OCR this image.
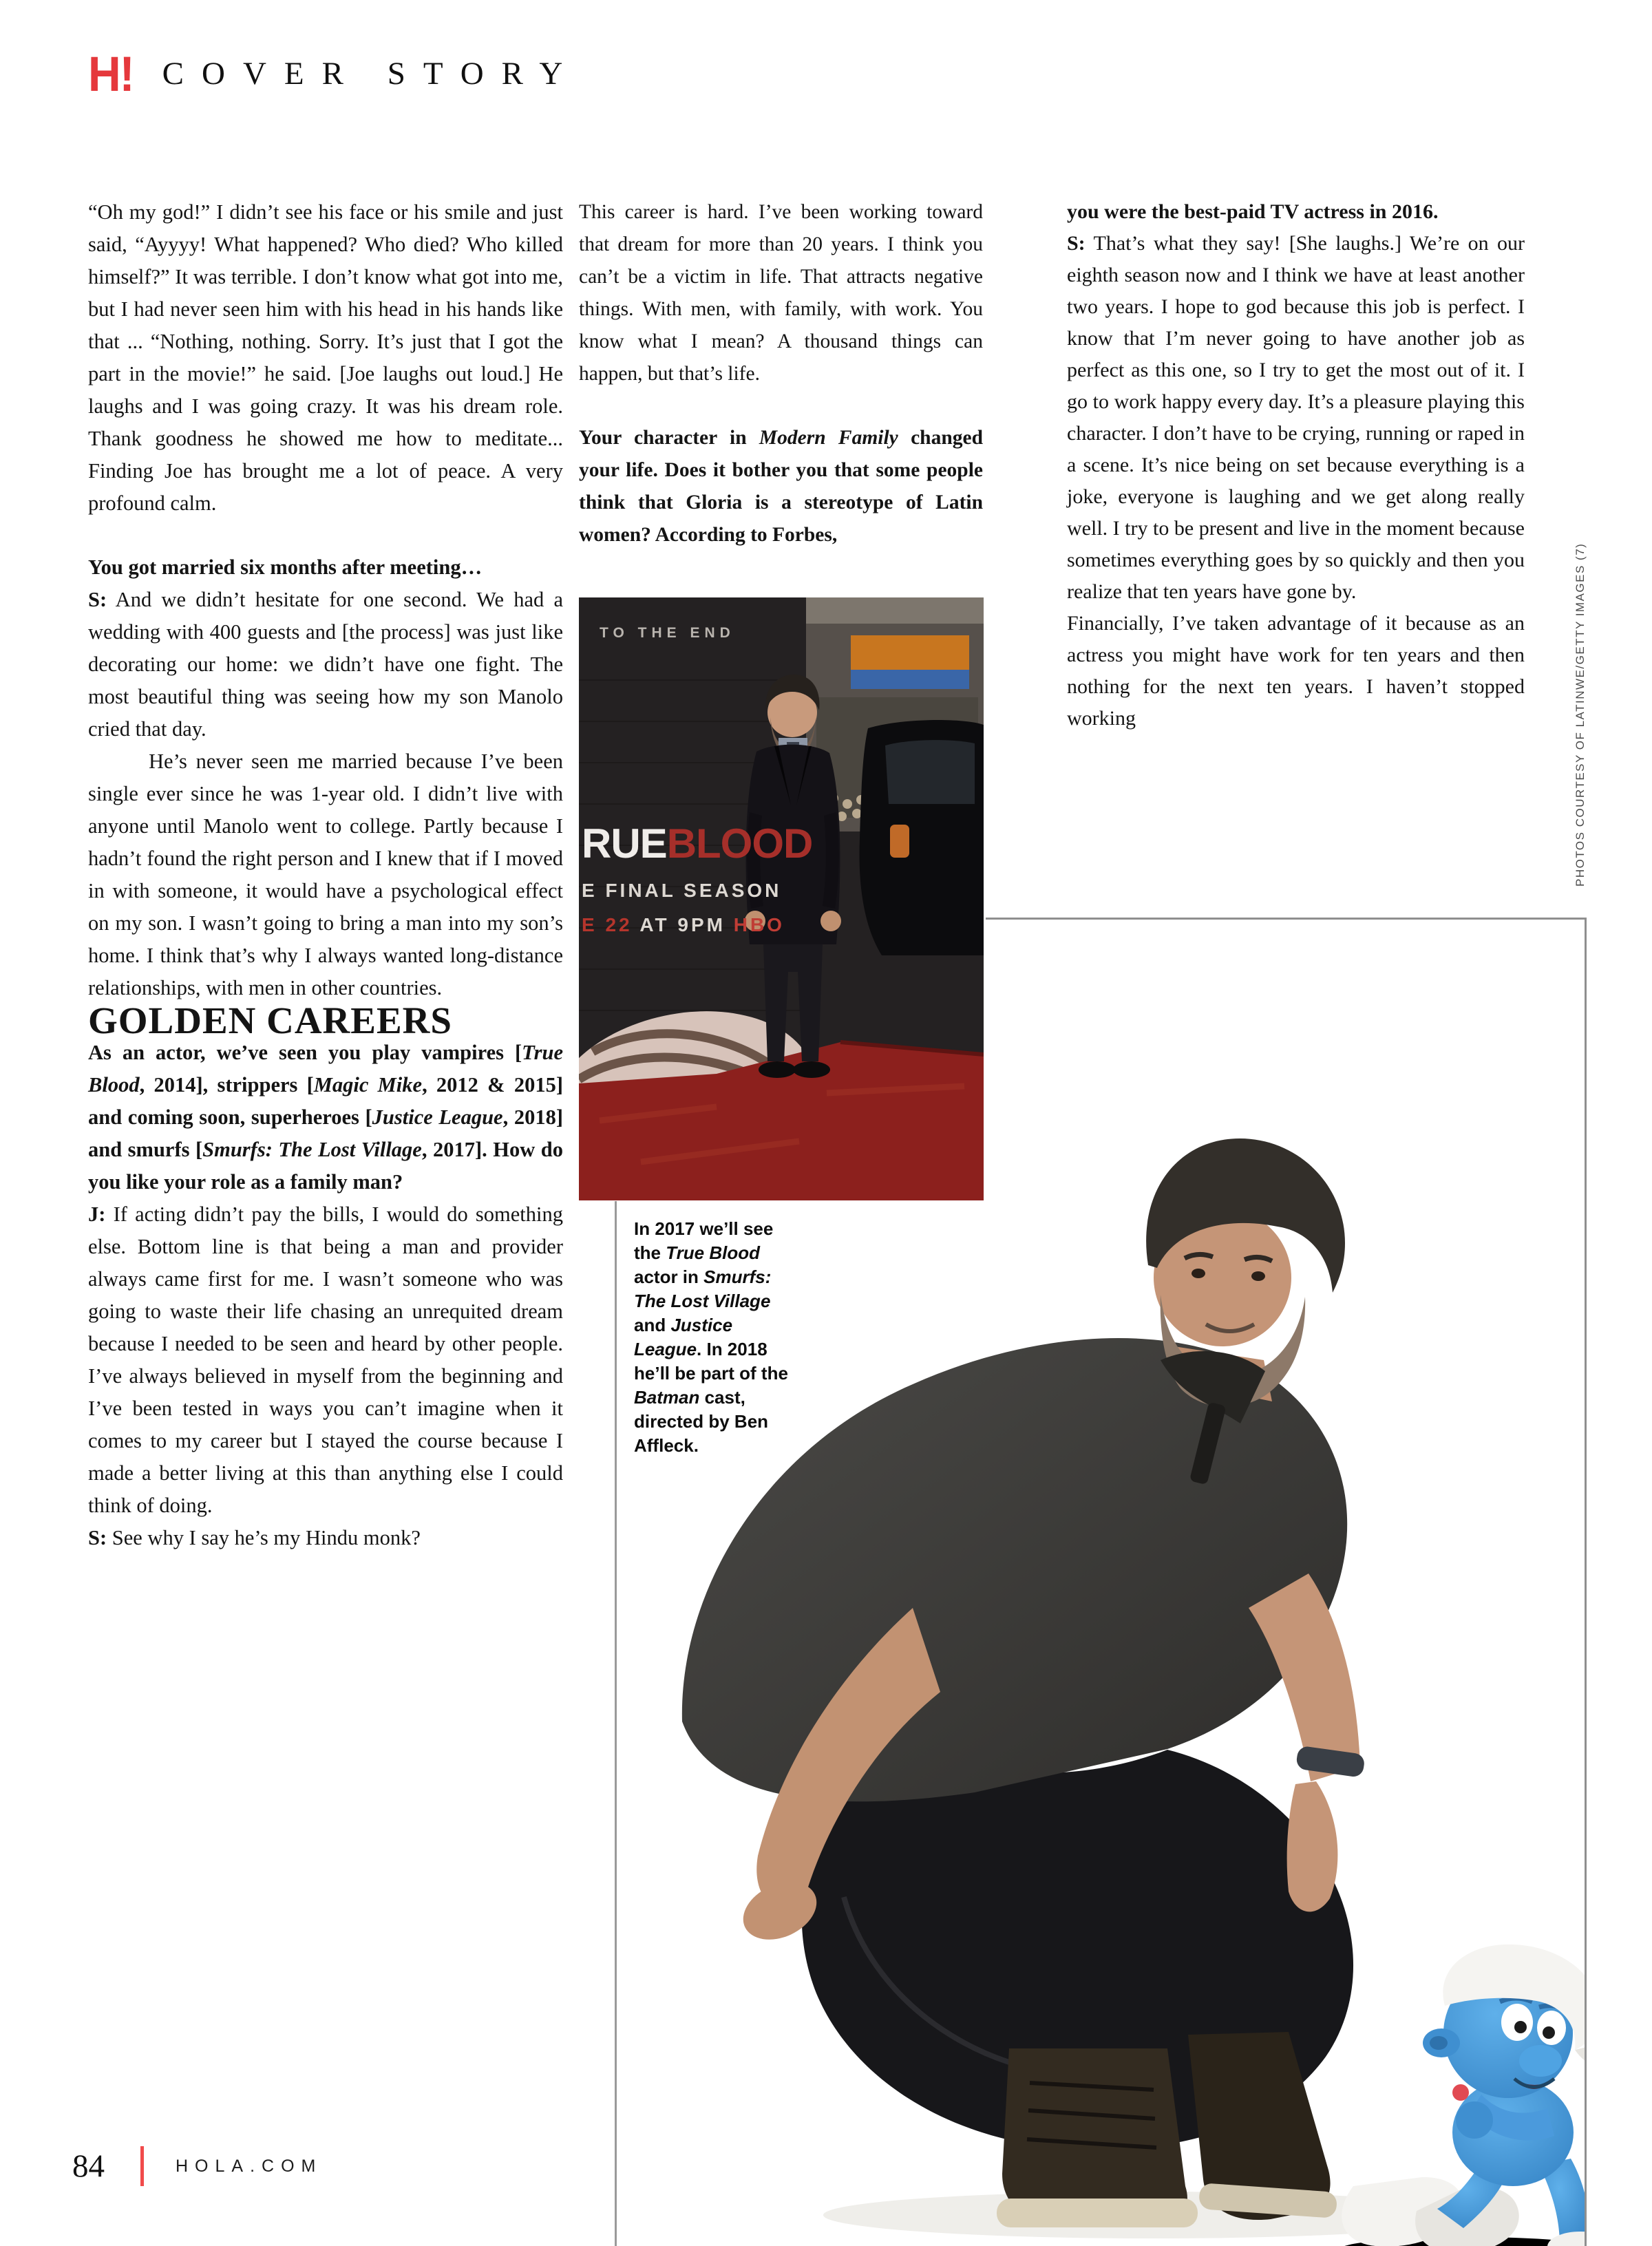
H! COVER STORY

“Oh my god!” I didn’t see his face or his smile and just said, “Ayyyy! What happened? Who died? Who killed himself?” It was terrible. I don’t know what got into me, but I had never seen him with his head in his hands like that ... “Nothing, nothing. Sorry. It’s just that I got the part in the movie!” he said. [Joe laughs out loud.] He laughs and I was going crazy. It was his dream role. Thank goodness he showed me how to meditate... Finding Joe has brought me a lot of peace. A very profound calm.

You got married six months after meeting…

S: And we didn’t hesitate for one second. We had a wedding with 400 guests and [the process] was just like decorating our home: we didn’t have one fight. The most beautiful thing was seeing how my son Manolo cried that day.

He’s never seen me married because I’ve been single ever since he was 1-year old. I didn’t live with anyone until Manolo went to college. Partly because I hadn’t found the right person and I knew that if I moved in with someone, it would have a psychological effect on my son. I wasn’t going to bring a man into my son’s home. I think that’s why I always wanted long-distance relationships, with men in other countries.

GOLDEN CAREERS

As an actor, we’ve seen you play vampires [True Blood, 2014], strippers [Magic Mike, 2012 & 2015] and coming soon, superheroes [Justice League, 2018] and smurfs [Smurfs: The Lost Village, 2017]. How do you like your role as a family man?

J: If acting didn’t pay the bills, I would do something else. Bottom line is that being a man and provider always came first for me. I wasn’t someone who was going to waste their life chasing an unrequited dream because I needed to be seen and heard by other people. I’ve always believed in myself from the beginning and I’ve been tested in ways you can’t imagine when it comes to my career but I stayed the course because I made a better living at this than anything else I could think of doing.

S: See why I say he’s my Hindu monk?

This career is hard. I’ve been working toward that dream for more than 20 years. I think you can’t be a victim in life. That attracts negative things. With men, with family, with work. You know what I mean? A thousand things can happen, but that’s life.

Your character in Modern Family changed your life. Does it bother you that some people think that Gloria is a stereotype of Latin women? According to Forbes,

you were the best-paid TV actress in 2016.

S: That’s what they say! [She laughs.] We’re on our eighth season now and I think we have at least another two years. I hope to god because this job is perfect. I know that I’m never going to have another job as perfect as this one, so I try to get the most out of it. I go to work happy every day. It’s a pleasure playing this character. I don’t have to be crying, running or raped in a scene. It’s nice being on set because everything is a joke, everyone is laughing and we get along really well. I try to be present and live in the moment because sometimes everything goes by so quickly and then you realize that ten years have gone by.

Financially, I’ve taken advantage of it because as an actress you might have work for ten years and then nothing for the next ten years. I haven’t stopped working

TO THE END
RUEBLOOD
E FINAL SEASON
E 22 AT 9PM HBO
In 2017 we’ll see the True Blood actor in Smurfs: The Lost Village and Justice League. In 2018 he’ll be part of the Batman cast, directed by Ben Affleck.
PHOTOS COURTESY OF LATINWE/GETTY IMAGES (7)
84	HOLA.COM
